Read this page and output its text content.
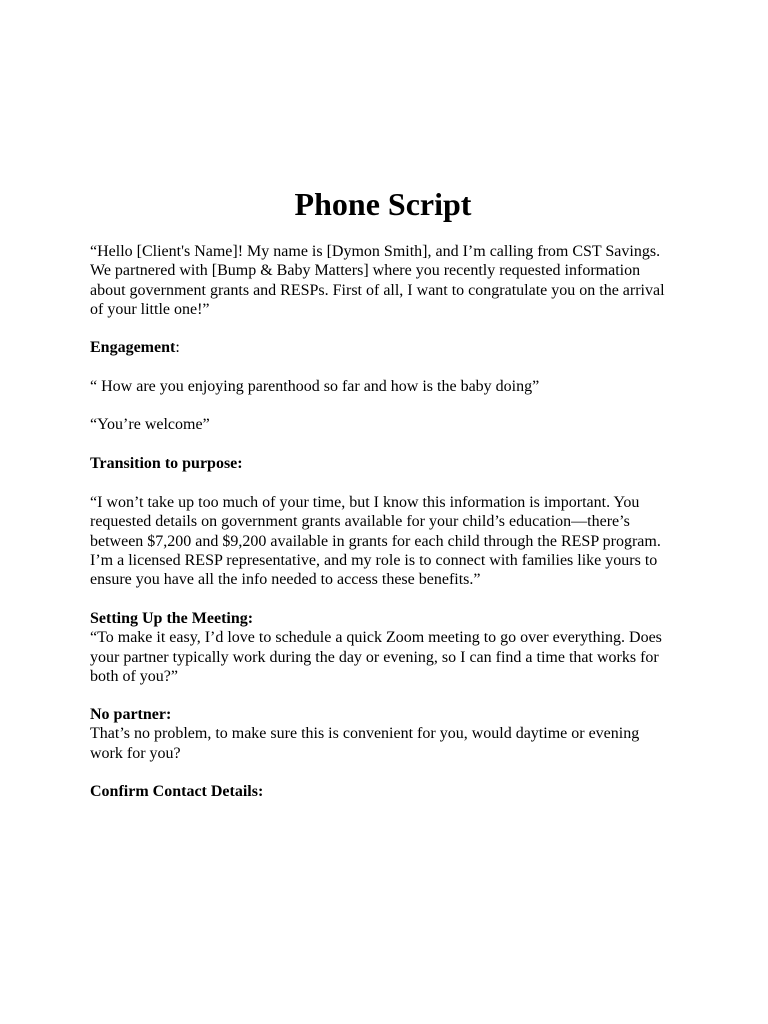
Phone Script

“Hello [Client's Name]! My name is [Dymon Smith], and I’m calling from CST Savings.
We partnered with [Bump & Baby Matters] where you recently requested information
about government grants and RESPs. First of all, I want to congratulate you on the arrival
of your little one!”

Engagement:

“ How are you enjoying parenthood so far and how is the baby doing”

“You’re welcome”

Transition to purpose:

“I won’t take up too much of your time, but I know this information is important. You
requested details on government grants available for your child’s education—there’s
between $7,200 and $9,200 available in grants for each child through the RESP program.
I’m a licensed RESP representative, and my role is to connect with families like yours to
ensure you have all the info needed to access these benefits.”

Setting Up the Meeting:
“To make it easy, I’d love to schedule a quick Zoom meeting to go over everything. Does
your partner typically work during the day or evening, so I can find a time that works for
both of you?”

No partner:
That’s no problem, to make sure this is convenient for you, would daytime or evening
work for you?

Confirm Contact Details:
